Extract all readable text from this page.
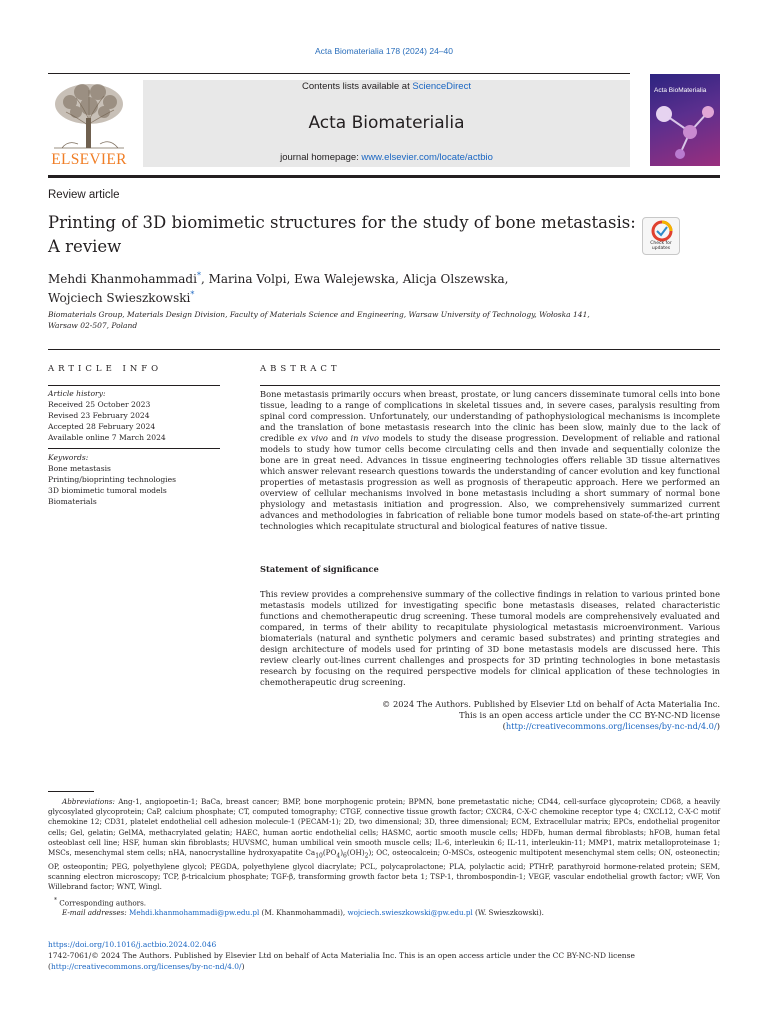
Acta Biomaterialia 178 (2024) 24–40
ELSEVIER
Contents lists available at ScienceDirect
Acta Biomaterialia
journal homepage: www.elsevier.com/locate/actbio
Acta BioMaterialia
Review article
Printing of 3D biomimetic structures for the study of bone metastasis: A review	Check for updates
Mehdi Khanmohammadi*, Marina Volpi, Ewa Walejewska, Alicja Olszewska,
Wojciech Swieszkowski*
Biomaterials Group, Materials Design Division, Faculty of Materials Science and Engineering, Warsaw University of Technology, Wołoska 141, Warsaw 02-507, Poland
ARTICLE INFO	ABSTRACT
Article history:
Received 25 October 2023
Revised 23 February 2024
Accepted 28 February 2024
Available online 7 March 2024
Keywords:
Bone metastasis
Printing/bioprinting technologies
3D biomimetic tumoral models
Biomaterials

Bone metastasis primarily occurs when breast, prostate, or lung cancers disseminate tumoral cells into bone tissue, leading to a range of complications in skeletal tissues and, in severe cases, paralysis resulting from spinal cord compression. Unfortunately, our understanding of pathophysiological mechanisms is incomplete and the translation of bone metastasis research into the clinic has been slow, mainly due to the lack of credible ex vivo and in vivo models to study the disease progression. Development of reliable and rational models to study how tumor cells become circulating cells and then invade and sequentially colonize the bone are in great need. Advances in tissue engineering technologies offers reliable 3D tissue alternatives which answer relevant research questions towards the understanding of cancer evolution and key functional properties of metastasis progression as well as prognosis of therapeutic approach. Here we performed an overview of cellular mechanisms involved in bone metastasis including a short summary of normal bone physiology and metastasis initiation and progression. Also, we comprehensively summarized current advances and methodologies in fabrication of reliable bone tumor models based on state-of-the-art printing technologies which recapitulate structural and biological features of native tissue.

Statement of significance

This review provides a comprehensive summary of the collective findings in relation to various printed bone metastasis models utilized for investigating specific bone metastasis diseases, related characteristic functions and chemotherapeutic drug screening. These tumoral models are comprehensively evaluated and compared, in terms of their ability to recapitulate physiological metastasis microenvironment. Various biomaterials (natural and synthetic polymers and ceramic based substrates) and printing strategies and design architecture of models used for printing of 3D bone metastasis models are discussed here. This review clearly out-lines current challenges and prospects for 3D printing technologies in bone metastasis research by focusing on the required perspective models for clinical application of these technologies in chemotherapeutic drug screening.

© 2024 The Authors. Published by Elsevier Ltd on behalf of Acta Materialia Inc.
This is an open access article under the CC BY-NC-ND license
(http://creativecommons.org/licenses/by-nc-nd/4.0/)

Abbreviations: Ang-1, angiopoetin-1; BaCa, breast cancer; BMP, bone morphogenic protein; BPMN, bone premetastatic niche; CD44, cell-surface glycoprotein; CD68, a heavily glycosylated glycoprotein; CaP, calcium phosphate; CT, computed tomography; CTGF, connective tissue growth factor; CXCR4, C-X-C chemokine receptor type 4; CXCL12, C-X-C motif chemokine 12; CD31, platelet endothelial cell adhesion molecule-1 (PECAM-1); 2D, two dimensional; 3D, three dimensional; ECM, Extracellular matrix; EPCs, endothelial progenitor cells; Gel, gelatin; GelMA, methacrylated gelatin; HAEC, human aortic endothelial cells; HASMC, aortic smooth muscle cells; HDFb, human dermal fibroblasts; hFOB, human fetal osteoblast cell line; HSF, human skin fibroblasts; HUVSMC, human umbilical vein smooth muscle cells; IL-6, interleukin 6; IL-11, interleukin-11; MMP1, matrix metalloproteinase 1; MSCs, mesenchymal stem cells; nHA, nanocrystalline hydroxyapatite $Ca_{10}(PO_4)_6(OH)_2$); OC, osteocalcein; O-MSCs, osteogenic multipotent mesenchymal stem cells; ON, osteonectin; OP, osteopontin; PEG, polyethylene glycol; PEGDA, polyethylene glycol diacrylate; PCL, polycaprolactone; PLA, polylactic acid; PTHrP, parathyroid hormone-related protein; SEM, scanning electron microscopy; TCP, β-tricalcium phosphate; TGF-β, transforming growth factor beta 1; TSP-1, thrombospondin-1; VEGF, vascular endothelial growth factor; vWF, Von Willebrand factor; WNT, Wingl.

* Corresponding authors.
E-mail addresses: Mehdi.khanmohammadi@pw.edu.pl (M. Khanmohammadi), wojciech.swieszkowski@pw.edu.pl (W. Swieszkowski).
https://doi.org/10.1016/j.actbio.2024.02.046
1742-7061/© 2024 The Authors. Published by Elsevier Ltd on behalf of Acta Materialia Inc. This is an open access article under the CC BY-NC-ND license
(http://creativecommons.org/licenses/by-nc-nd/4.0/)
